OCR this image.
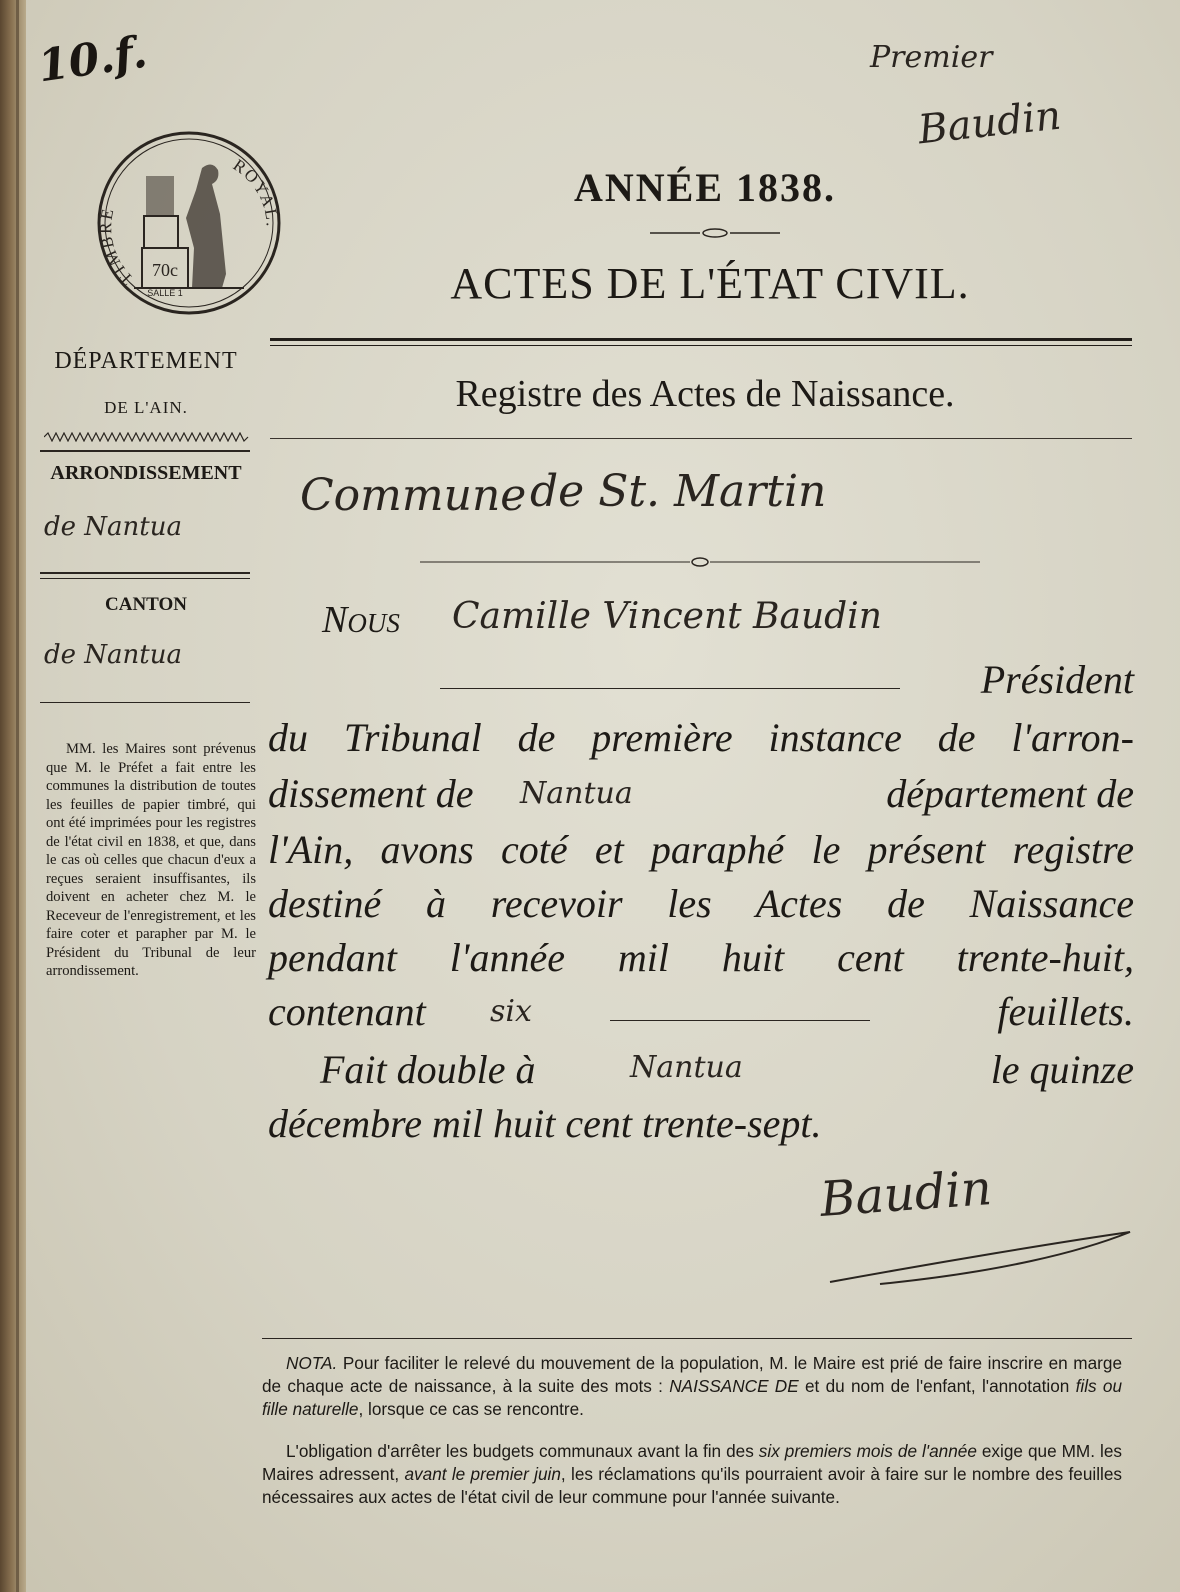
10.f.	Premier
Baudin
TIMBRE
ROYAL.
70c
SALLE 1
DÉPARTEMENT
DE L'AIN.
ARRONDISSEMENT
de Nantua
CANTON
de Nantua
MM. les Maires sont prévenus que M. le Préfet a fait entre les communes la distribution de toutes les feuilles de papier timbré, qui ont été imprimées pour les registres de l'état civil en 1838, et que, dans le cas où celles que chacun d'eux a reçues seraient insuffisantes, ils doivent en acheter chez M. le Receveur de l'enregistrement, et les faire coter et parapher par M. le Président du Tribunal de leur arrondissement.
ANNÉE 1838.
ACTES DE L'ÉTAT CIVIL.
Registre des Actes de Naissance.
Commune de St. Martin
Nous Camille Vincent Baudin
Président
du Tribunal de première instance de l'arron-
dissement de	département de
Nantua
l'Ain, avons coté et paraphé le présent registre
destiné à recevoir les Actes de Naissance
pendant l'année mil huit cent trente-huit,
contenant	feuillets.
six
Fait double à	le quinze
Nantua
décembre mil huit cent trente-sept.
Baudin
NOTA. Pour faciliter le relevé du mouvement de la population, M. le Maire est prié de faire inscrire en marge de chaque acte de naissance, à la suite des mots : NAISSANCE DE et du nom de l'enfant, l'annotation fils ou fille naturelle, lorsque ce cas se rencontre.
L'obligation d'arrêter les budgets communaux avant la fin des six premiers mois de l'année exige que MM. les Maires adressent, avant le premier juin, les réclamations qu'ils pourraient avoir à faire sur le nombre des feuilles nécessaires aux actes de l'état civil de leur commune pour l'année suivante.
